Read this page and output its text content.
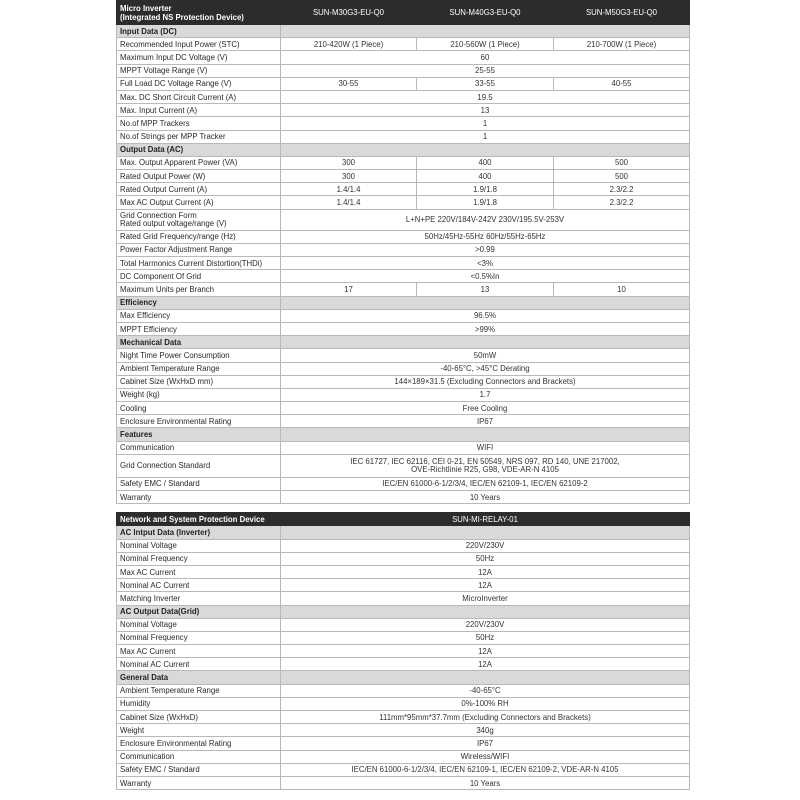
Micro Inverter
(Integrated NS Protection Device)	SUN-M30G3-EU-Q0	SUN-M40G3-EU-Q0	SUN-M50G3-EU-Q0
Input Data (DC)			
Recommended Input Power (STC)	210-420W (1 Piece)	210-560W (1 Piece)	210-700W (1 Piece)
Maximum Input DC Voltage (V)	60		
MPPT Voltage Range (V)	25-55		
Full Load DC Voltage Range (V)	30-55	33-55	40-55
Max. DC Short Circuit Current (A)	19.5		
Max. Input Current (A)	13		
No.of MPP Trackers	1		
No.of Strings per MPP Tracker	1		
Output Data (AC)			
Max. Output Apparent Power (VA)	300	400	500
Rated Output Power (W)	300	400	500
Rated Output Current (A)	1.4/1.4	1.9/1.8	2.3/2.2
Max AC Output Current (A)	1.4/1.4	1.9/1.8	2.3/2.2

Grid Connection Form
Rated output voltage/range (V)	L+N+PE 220V/184V-242V 230V/195.5V-253V		
Rated Grid Frequency/range (Hz)	50Hz/45Hz-55Hz 60Hz/55Hz-65Hz		
Power Factor Adjustment Range	>0.99		
Total Harmonics Current Distortion(THDi)	<3%		
DC Component Of Grid	<0.5%In		
Maximum Units per Branch	17	13	10
Efficiency			
Max Efficiency	96.5%		
MPPT Efficiency	>99%		
Mechanical Data			
Night Time Power Consumption	50mW		
Ambient Temperature Range	-40-65°C, >45°C Derating		
Cabinet Size (WxHxD mm)	144×189×31.5 (Excluding Connectors and Brackets)		
Weight (kg)	1.7		
Cooling	Free Cooling		
Enclosure Environmental Rating	IP67		
Features			
Communication	WIFI		
Grid Connection Standard	IEC 61727, IEC 62116, CEI 0-21, EN 50549, NRS 097, RD 140, UNE 217002,
OVE-Richtlinie R25, G98, VDE-AR-N 4105		

Safety EMC / Standard	IEC/EN 61000-6-1/2/3/4, IEC/EN 62109-1, IEC/EN 62109-2		
Warranty	10 Years		
Network and System Protection Device	SUN-MI-RELAY-01
AC Intput Data (Inverter)	
Nominal Voltage	220V/230V
Nominal Frequency	50Hz
Max AC Current	12A
Nominal AC Current	12A
Matching Inverter	MicroInverter
AC Output Data(Grid)	
Nominal Voltage	220V/230V
Nominal Frequency	50Hz
Max AC Current	12A
Nominal AC Current	12A
General Data	
Ambient Temperature Range	-40-65°C
Humidity	0%-100% RH
Cabinet Size (WxHxD)	111mm*95mm*37.7mm (Excluding Connectors and Brackets)
Weight	340g
Enclosure Environmental Rating	IP67
Communication	Wireless/WIFI
Safety EMC / Standard	IEC/EN 61000-6-1/2/3/4, IEC/EN 62109-1, IEC/EN 62109-2, VDE-AR-N 4105
Warranty	10 Years
